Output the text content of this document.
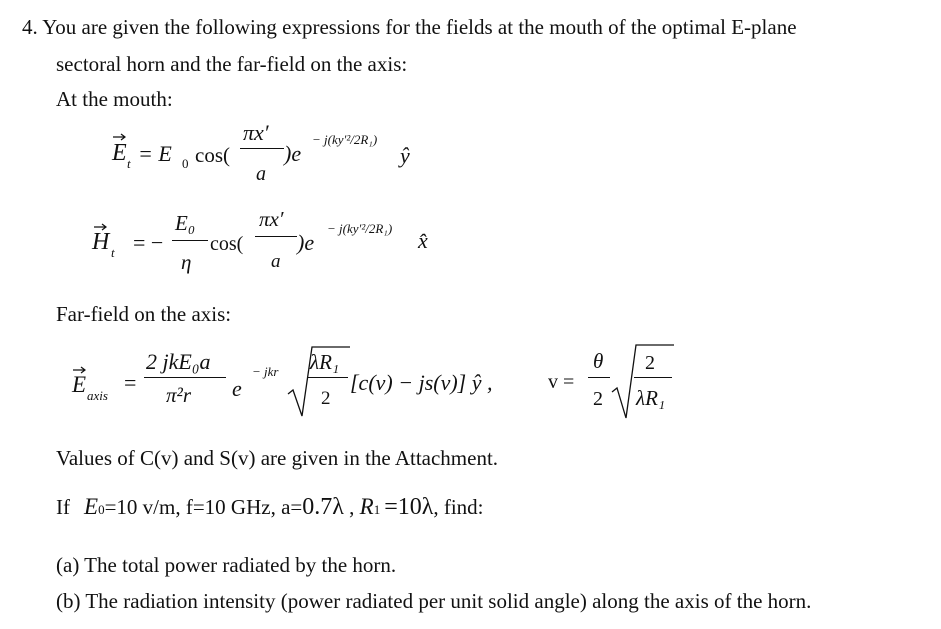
4. You are given the following expressions for the fields at the mouth of the optimal E-plane
sectoral horn and the far-field on the axis:
At the mouth:
E t = E 0 cos(
πx′
a
)e
− j(ky′²/2R₁)
ŷ
H t = −
E₀
η
cos(
πx′
a
)e
− j(ky′²/2R₁) x̂
Far-field on the axis:
E axis
=
2 jkE₀a
π²r e
− jkr λR₁
2
[c(v) − js(v)] ŷ ,	v =
θ
2
2
λR₁
Values of C(v) and S(v) are given in the Attachment.
If E0=10 v/m, f=10 GHz, a=0.7λ , R1 =10λ, find:
(a) The total power radiated by the horn.
(b) The radiation intensity (power radiated per unit solid angle) along the axis of the horn.
